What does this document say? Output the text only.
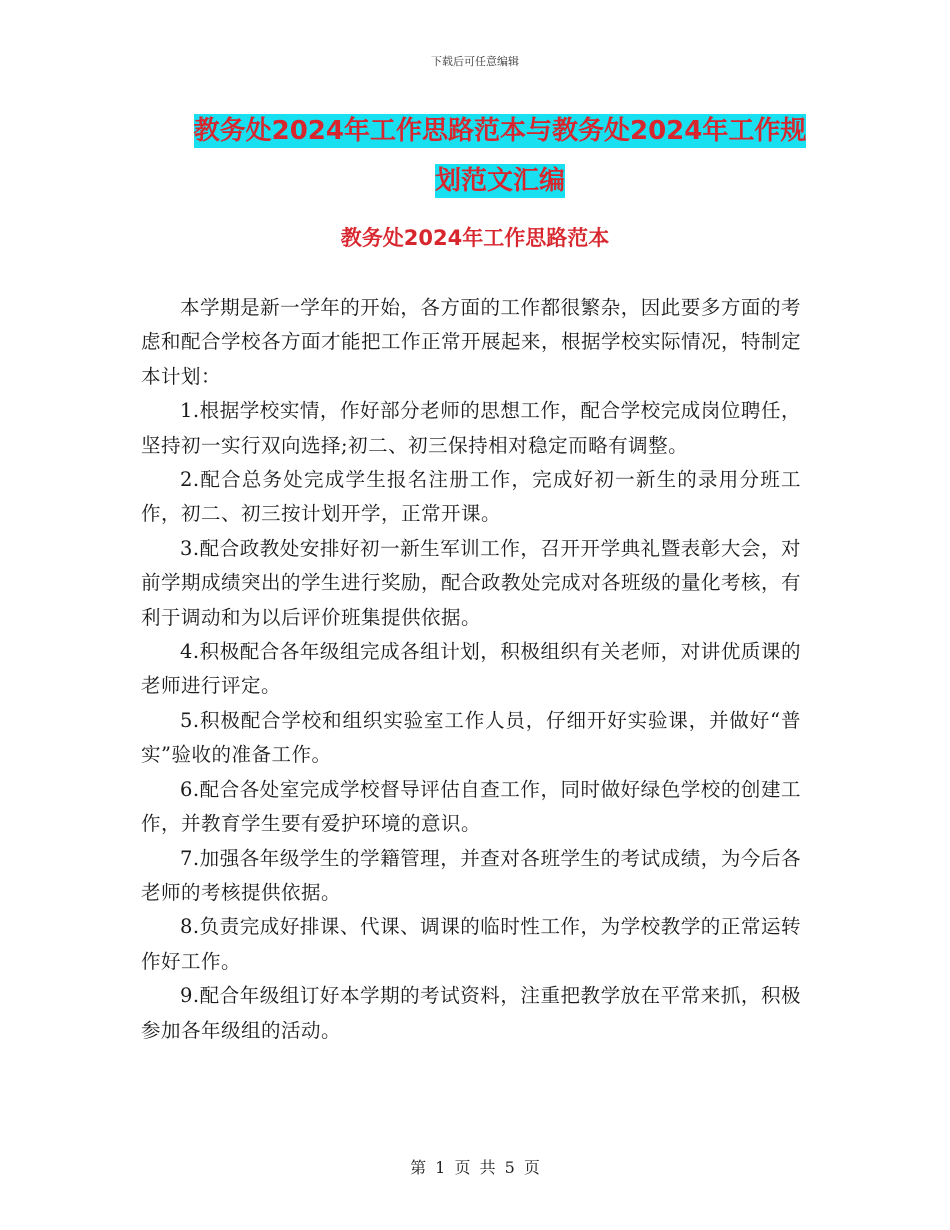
下载后可任意编辑
教务处2024年工作思路范本与教务处2024年工作规
划范文汇编
教务处2024年工作思路范本

本学期是新一学年的开始，各方面的工作都很繁杂，因此要多方面的考虑和配合学校各方面才能把工作正常开展起来，根据学校实际情况，特制定本计划：

1.根据学校实情，作好部分老师的思想工作，配合学校完成岗位聘任，坚持初一实行双向选择;初二、初三保持相对稳定而略有调整。

2.配合总务处完成学生报名注册工作，完成好初一新生的录用分班工作，初二、初三按计划开学，正常开课。

3.配合政教处安排好初一新生军训工作，召开开学典礼暨表彰大会，对前学期成绩突出的学生进行奖励，配合政教处完成对各班级的量化考核，有利于调动和为以后评价班集提供依据。

4.积极配合各年级组完成各组计划，积极组织有关老师，对讲优质课的老师进行评定。

5.积极配合学校和组织实验室工作人员，仔细开好实验课，并做好“普实”验收的准备工作。

6.配合各处室完成学校督导评估自查工作，同时做好绿色学校的创建工作，并教育学生要有爱护环境的意识。

7.加强各年级学生的学籍管理，并查对各班学生的考试成绩，为今后各老师的考核提供依据。

8.负责完成好排课、代课、调课的临时性工作，为学校教学的正常运转作好工作。

9.配合年级组订好本学期的考试资料，注重把教学放在平常来抓，积极参加各年级组的活动。

第 1 页 共 5 页
